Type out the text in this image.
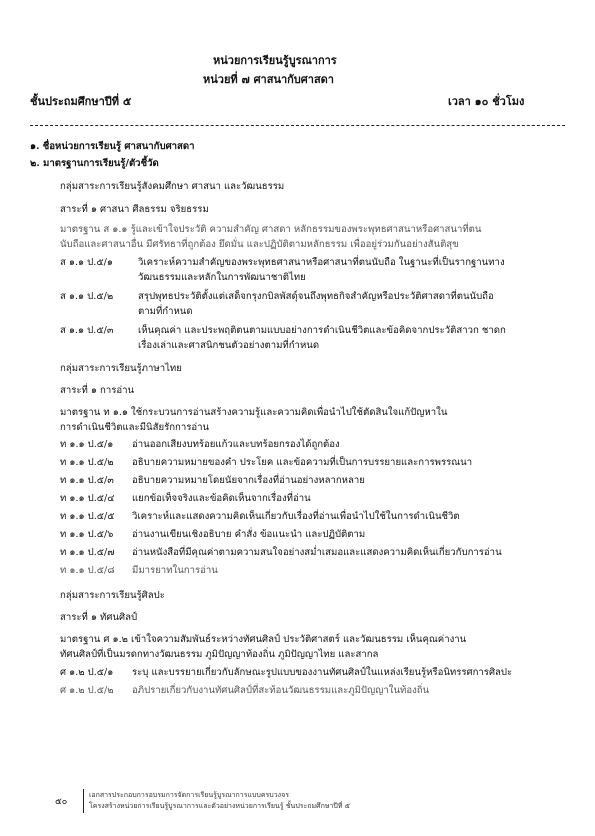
หน่วยการเรียนรู้บูรณาการ
หน่วยที่ ๗ ศาสนากับศาสดา
ชั้นประถมศึกษาปีที่ ๕	เวลา ๑๐ ชั่วโมง
๑. ชื่อหน่วยการเรียนรู้ ศาสนากับศาสดา
๒. มาตรฐานการเรียนรู้/ตัวชี้วัด
กลุ่มสาระการเรียนรู้สังคมศึกษา ศาสนา และวัฒนธรรม
สาระที่ ๑ ศาสนา ศีลธรรม จริยธรรม
มาตรฐาน ส ๑.๑ รู้และเข้าใจประวัติ ความสำคัญ ศาสดา หลักธรรมของพระพุทธศาสนาหรือศาสนาที่ตน
นับถือและศาสนาอื่น มีศรัทธาที่ถูกต้อง ยึดมั่น และปฏิบัติตามหลักธรรม เพื่ออยู่ร่วมกันอย่างสันติสุข
ส ๑.๑ ป.๕/๑	วิเคราะห์ความสำคัญของพระพุทธศาสนาหรือศาสนาที่ตนนับถือ ในฐานะที่เป็นรากฐานทาง
วัฒนธรรมและหลักในการพัฒนาชาติไทย
ส ๑.๑ ป.๕/๒	สรุปพุทธประวัติตั้งแต่เสด็จกรุงกบิลพัสดุ์จนถึงพุทธกิจสำคัญหรือประวัติศาสดาที่ตนนับถือ
ตามที่กำหนด
ส ๑.๑ ป.๕/๓	เห็นคุณค่า และประพฤติตนตามแบบอย่างการดำเนินชีวิตและข้อคิดจากประวัติสาวก ชาดก
เรื่องเล่าและศาสนิกชนตัวอย่างตามที่กำหนด
กลุ่มสาระการเรียนรู้ภาษาไทย
สาระที่ ๑ การอ่าน
มาตรฐาน ท ๑.๑ ใช้กระบวนการอ่านสร้างความรู้และความคิดเพื่อนำไปใช้ตัดสินใจแก้ปัญหาใน
การดำเนินชีวิตและมีนิสัยรักการอ่าน
ท ๑.๑ ป.๕/๑ อ่านออกเสียงบทร้อยแก้วและบทร้อยกรองได้ถูกต้อง
ท ๑.๑ ป.๕/๒ อธิบายความหมายของคำ ประโยค และข้อความที่เป็นการบรรยายและการพรรณนา
ท ๑.๑ ป.๕/๓ อธิบายความหมายโดยนัยจากเรื่องที่อ่านอย่างหลากหลาย
ท ๑.๑ ป.๕/๔ แยกข้อเท็จจริงและข้อคิดเห็นจากเรื่องที่อ่าน
ท ๑.๑ ป.๕/๕ วิเคราะห์และแสดงความคิดเห็นเกี่ยวกับเรื่องที่อ่านเพื่อนำไปใช้ในการดำเนินชีวิต
ท ๑.๑ ป.๕/๖ อ่านงานเขียนเชิงอธิบาย คำสั่ง ข้อแนะนำ และปฏิบัติตาม
ท ๑.๑ ป.๕/๗ อ่านหนังสือที่มีคุณค่าตามความสนใจอย่างสม่ำเสมอและแสดงความคิดเห็นเกี่ยวกับการอ่าน
ท ๑.๑ ป.๕/๘ มีมารยาทในการอ่าน
กลุ่มสาระการเรียนรู้ศิลปะ
สาระที่ ๑ ทัศนศิลป์
มาตรฐาน ศ ๑.๒ เข้าใจความสัมพันธ์ระหว่างทัศนศิลป์ ประวัติศาสตร์ และวัฒนธรรม เห็นคุณค่างาน
ทัศนศิลป์ที่เป็นมรดกทางวัฒนธรรม ภูมิปัญญาท้องถิ่น ภูมิปัญญาไทย และสากล
ศ ๑.๒ ป.๕/๑ ระบุ และบรรยายเกี่ยวกับลักษณะรูปแบบของงานทัศนศิลป์ในแหล่งเรียนรู้หรือนิทรรศการศิลปะ
ศ ๑.๒ ป.๕/๒ อภิปรายเกี่ยวกับงานทัศนศิลป์ที่สะท้อนวัฒนธรรมและภูมิปัญญาในท้องถิ่น
๕๐
เอกสารประกอบการอบรมการจัดการเรียนรู้บูรณาการแบบครบวงจร
โครงสร้างหน่วยการเรียนรู้บูรณาการและตัวอย่างหน่วยการเรียนรู้ ชั้นประถมศึกษาปีที่ ๕
